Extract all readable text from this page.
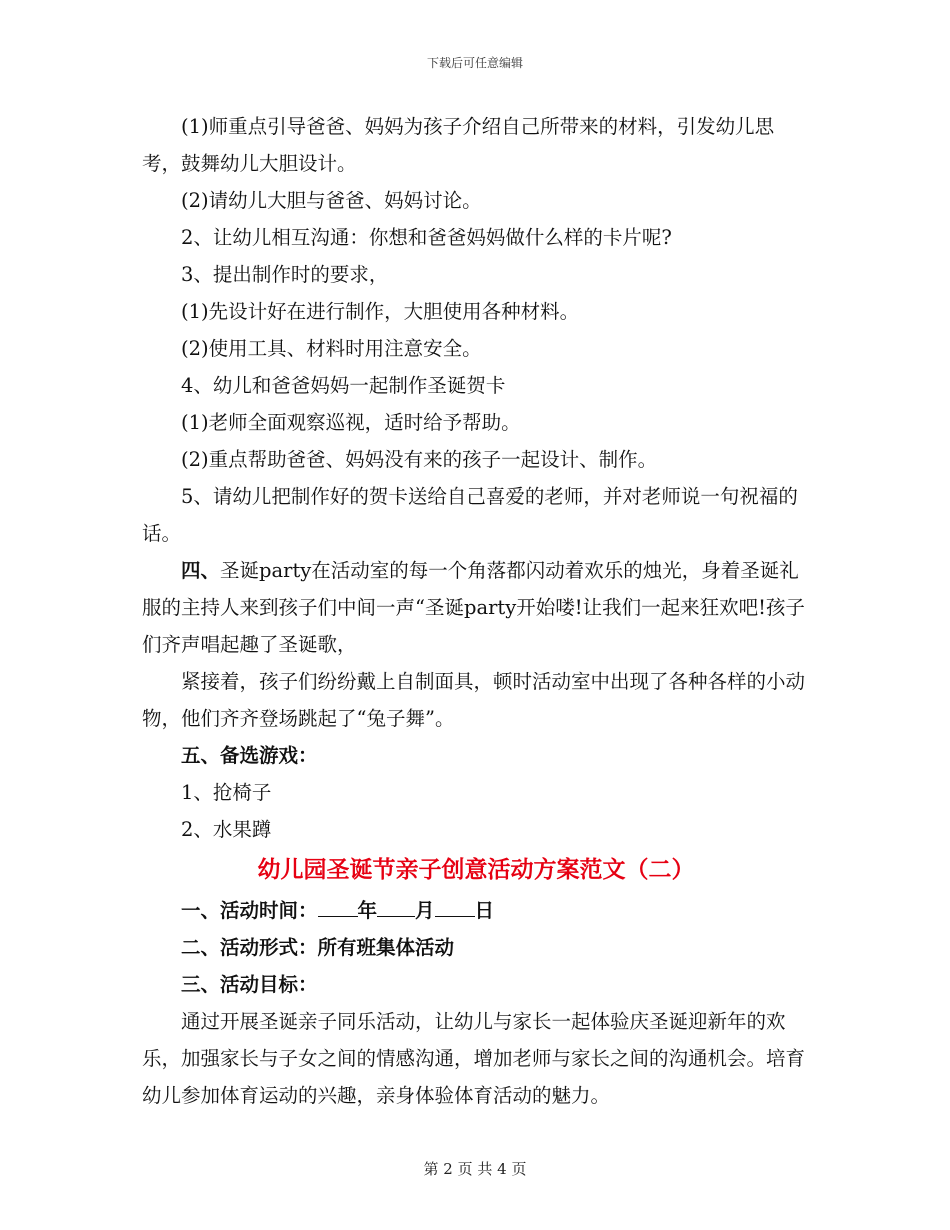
下载后可任意编辑

(1)师重点引导爸爸、妈妈为孩子介绍自己所带来的材料，引发幼儿思考，鼓舞幼儿大胆设计。

(2)请幼儿大胆与爸爸、妈妈讨论。

2、让幼儿相互沟通：你想和爸爸妈妈做什么样的卡片呢?

3、提出制作时的要求，

(1)先设计好在进行制作，大胆使用各种材料。

(2)使用工具、材料时用注意安全。

4、幼儿和爸爸妈妈一起制作圣诞贺卡

(1)老师全面观察巡视，适时给予帮助。

(2)重点帮助爸爸、妈妈没有来的孩子一起设计、制作。

5、请幼儿把制作好的贺卡送给自己喜爱的老师，并对老师说一句祝福的话。

四、圣诞party在活动室的每一个角落都闪动着欢乐的烛光，身着圣诞礼服的主持人来到孩子们中间一声“圣诞party开始喽!让我们一起来狂欢吧!孩子们齐声唱起趣了圣诞歌，

紧接着，孩子们纷纷戴上自制面具，顿时活动室中出现了各种各样的小动物，他们齐齐登场跳起了“兔子舞”。

五、备选游戏：

1、抢椅子

2、水果蹲

幼儿园圣诞节亲子创意活动方案范文（二）

一、活动时间： 年 月 日

二、活动形式：所有班集体活动

三、活动目标：

通过开展圣诞亲子同乐活动，让幼儿与家长一起体验庆圣诞迎新年的欢乐，加强家长与子女之间的情感沟通，增加老师与家长之间的沟通机会。培育幼儿参加体育运动的兴趣，亲身体验体育活动的魅力。

第 2 页 共 4 页
